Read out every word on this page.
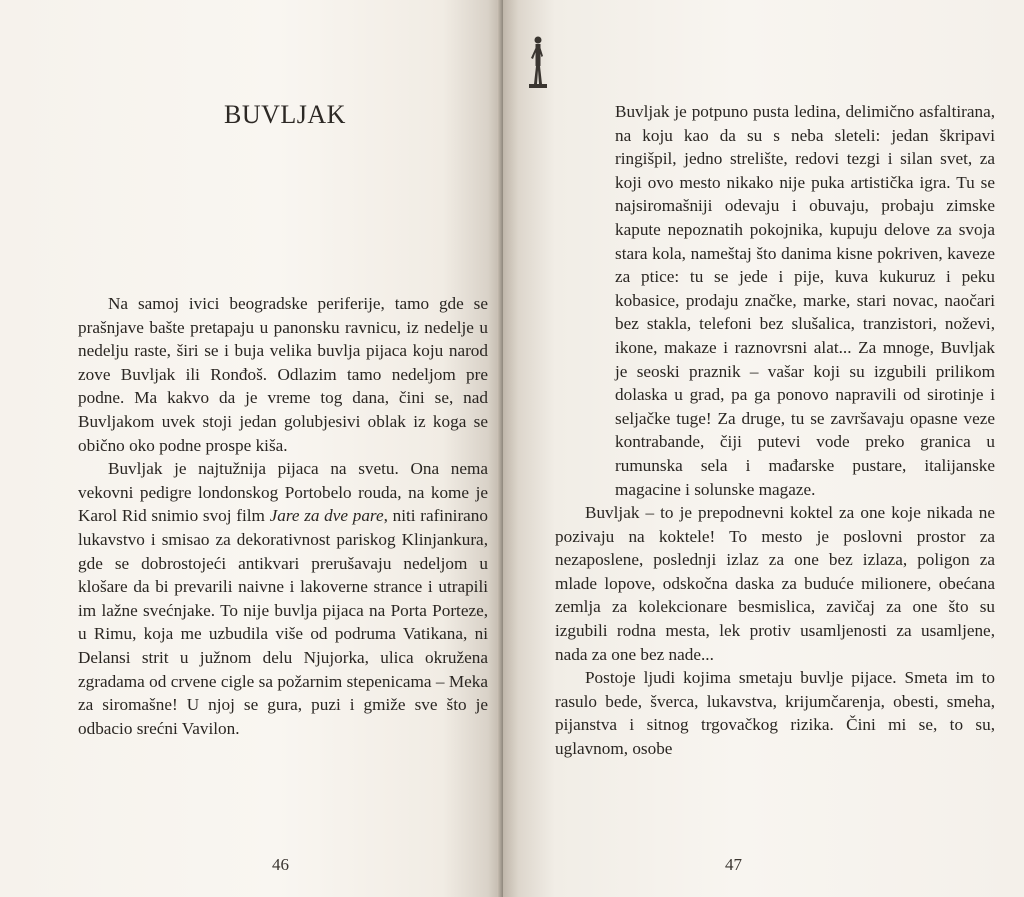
BUVLJAK

Na samoj ivici beogradske periferije, tamo gde se prašnjave bašte pretapaju u panonsku ravnicu, iz nedelje u nedelju raste, širi se i buja velika buvlja pijaca koju narod zove Buvljak ili Ronđoš. Odlazim tamo nedeljom pre podne. Ma kakvo da je vreme tog dana, čini se, nad Buvljakom uvek stoji jedan golubjesivi oblak iz koga se obično oko podne prospe kiša.

Buvljak je najtužnija pijaca na svetu. Ona nema vekovni pedigre londonskog Portobelo rouda, na kome je Karol Rid snimio svoj film Jare za dve pare, niti rafinirano lukavstvo i smisao za dekorativnost pariskog Klinjankura, gde se dobrostojeći antikvari prerušavaju nedeljom u klošare da bi prevarili naivne i lakoverne strance i utrapili im lažne svećnjake. To nije buvlja pijaca na Porta Porteze, u Rimu, koja me uzbudila više od podruma Vatikana, ni Delansi strit u južnom delu Njujorka, ulica okružena zgradama od crvene cigle sa požarnim stepenicama – Meka za siromašne! U njoj se gura, puzi i gmiže sve što je odbacio srećni Vavilon.

46

Buvljak je potpuno pusta ledina, delimično asfaltirana, na koju kao da su s neba sleteli: jedan škripavi ringišpil, jedno strelište, redovi tezgi i silan svet, za koji ovo mesto nikako nije puka artistička igra. Tu se najsiromašniji odevaju i obuvaju, probaju zimske kapute nepoznatih pokojnika, kupuju delove za svoja stara kola, nameštaj što danima kisne pokriven, kaveze za ptice: tu se jede i pije, kuva kukuruz i peku kobasice, prodaju značke, marke, stari novac, naočari bez stakla, telefoni bez slušalica, tranzistori, noževi, ikone, makaze i raznovrsni alat... Za mnoge, Buvljak je seoski praznik – vašar koji su izgubili prilikom dolaska u grad, pa ga ponovo napravili od sirotinje i seljačke tuge! Za druge, tu se završavaju opasne veze kontrabande, čiji putevi vode preko granica u rumunska sela i mađarske pustare, italijanske magacine i solunske magaze.

Buvljak – to je prepodnevni koktel za one koje nikada ne pozivaju na koktele! To mesto je poslovni prostor za nezaposlene, poslednji izlaz za one bez izlaza, poligon za mlade lopove, odskočna daska za buduće milionere, obećana zemlja za kolekcionare besmislica, zavičaj za one što su izgubili rodna mesta, lek protiv usamljenosti za usamljene, nada za one bez nade...

Postoje ljudi kojima smetaju buvlje pijace. Smeta im to rasulo bede, šverca, lukavstva, krijumčarenja, obesti, smeha, pijanstva i sitnog trgovačkog rizika. Čini mi se, to su, uglavnom, osobe

47
